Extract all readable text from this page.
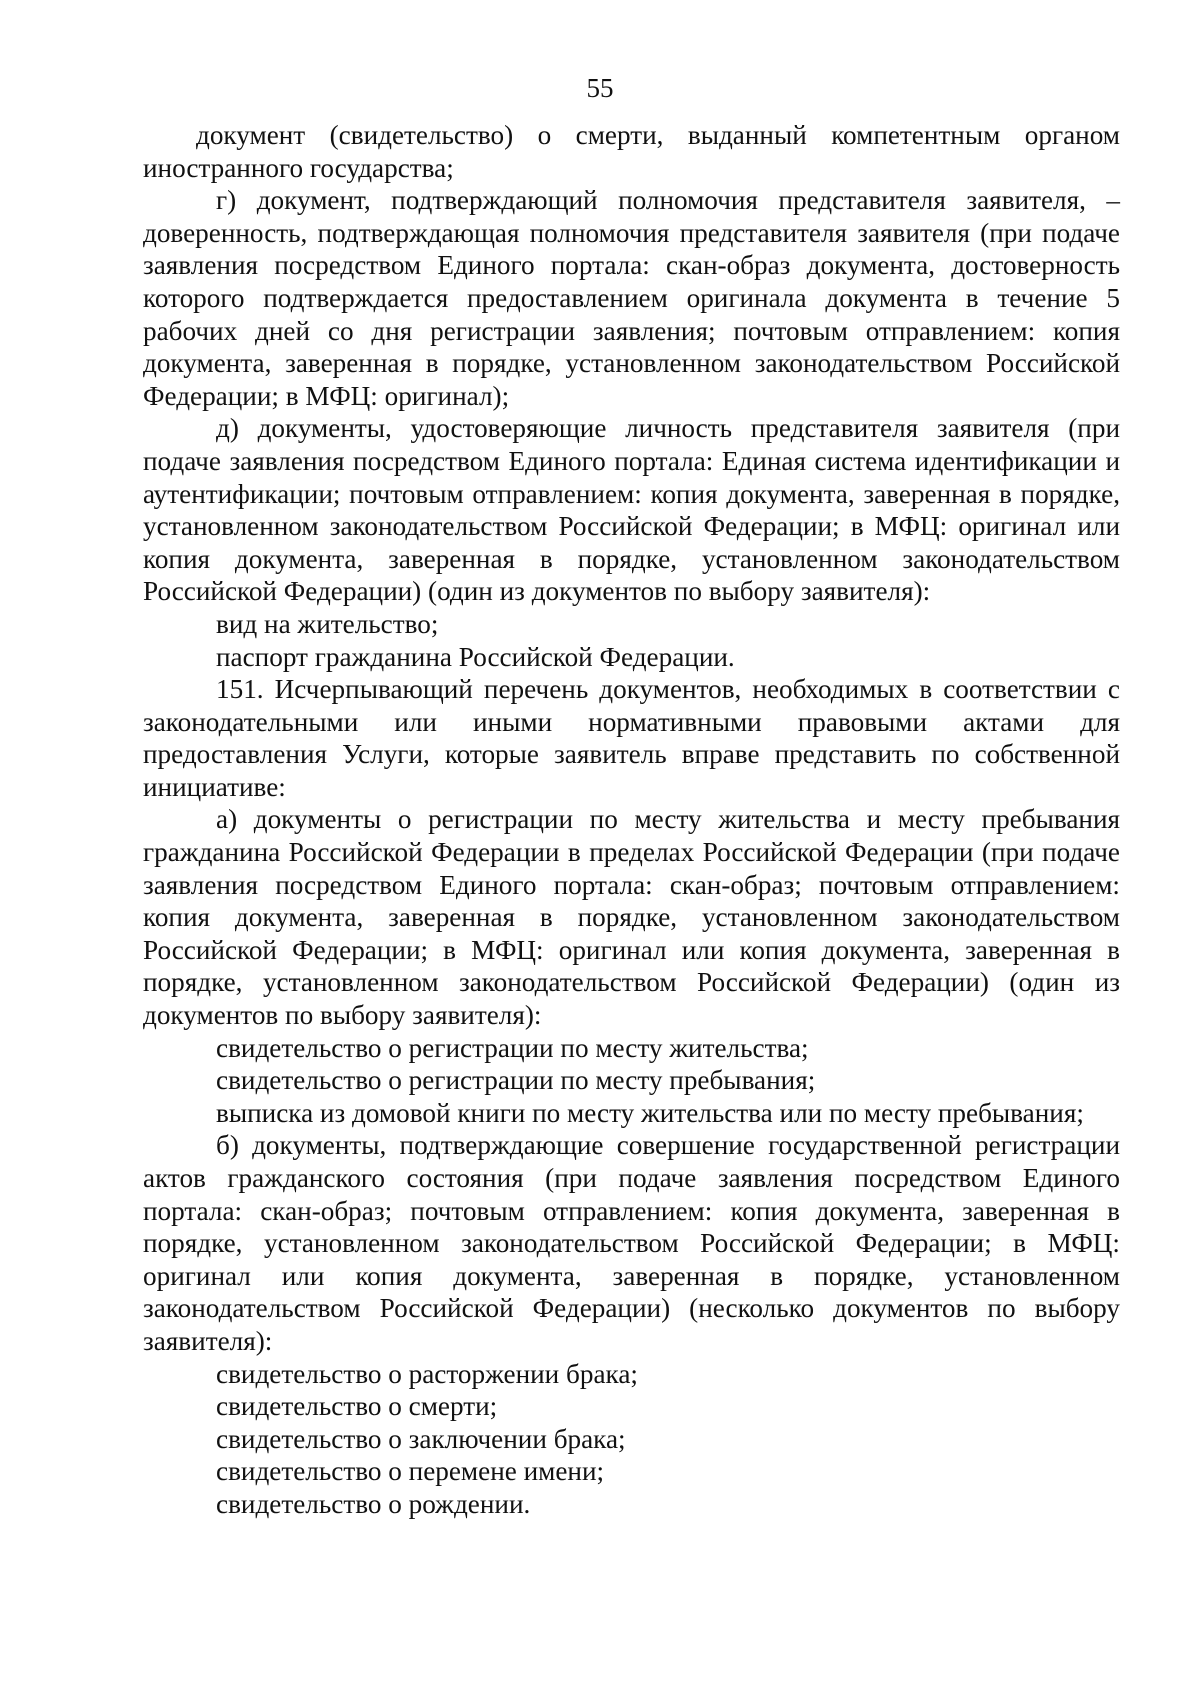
55

документ (свидетельство) о смерти, выданный компетентным органом иностранного государства;

г) документ, подтверждающий полномочия представителя заявителя, – доверенность, подтверждающая полномочия представителя заявителя (при подаче заявления посредством Единого портала: скан-образ документа, достоверность которого подтверждается предоставлением оригинала документа в течение 5 рабочих дней со дня регистрации заявления; почтовым отправлением: копия документа, заверенная в порядке, установленном законодательством Российской Федерации; в МФЦ: оригинал);

д) документы, удостоверяющие личность представителя заявителя (при подаче заявления посредством Единого портала: Единая система идентификации и аутентификации; почтовым отправлением: копия документа, заверенная в порядке, установленном законодательством Российской Федерации; в МФЦ: оригинал или копия документа, заверенная в порядке, установленном законодательством Российской Федерации) (один из документов по выбору заявителя):

вид на жительство;

паспорт гражданина Российской Федерации.

151. Исчерпывающий перечень документов, необходимых в соответствии с законодательными или иными нормативными правовыми актами для предоставления Услуги, которые заявитель вправе представить по собственной инициативе:

а) документы о регистрации по месту жительства и месту пребывания гражданина Российской Федерации в пределах Российской Федерации (при подаче заявления посредством Единого портала: скан-образ; почтовым отправлением: копия документа, заверенная в порядке, установленном законодательством Российской Федерации; в МФЦ: оригинал или копия документа, заверенная в порядке, установленном законодательством Российской Федерации) (один из документов по выбору заявителя):

свидетельство о регистрации по месту жительства;

свидетельство о регистрации по месту пребывания;

выписка из домовой книги по месту жительства или по месту пребывания;

б) документы, подтверждающие совершение государственной регистрации актов гражданского состояния (при подаче заявления посредством Единого портала: скан-образ; почтовым отправлением: копия документа, заверенная в порядке, установленном законодательством Российской Федерации; в МФЦ: оригинал или копия документа, заверенная в порядке, установленном законодательством Российской Федерации) (несколько документов по выбору заявителя):

свидетельство о расторжении брака;

свидетельство о смерти;

свидетельство о заключении брака;

свидетельство о перемене имени;

свидетельство о рождении.
